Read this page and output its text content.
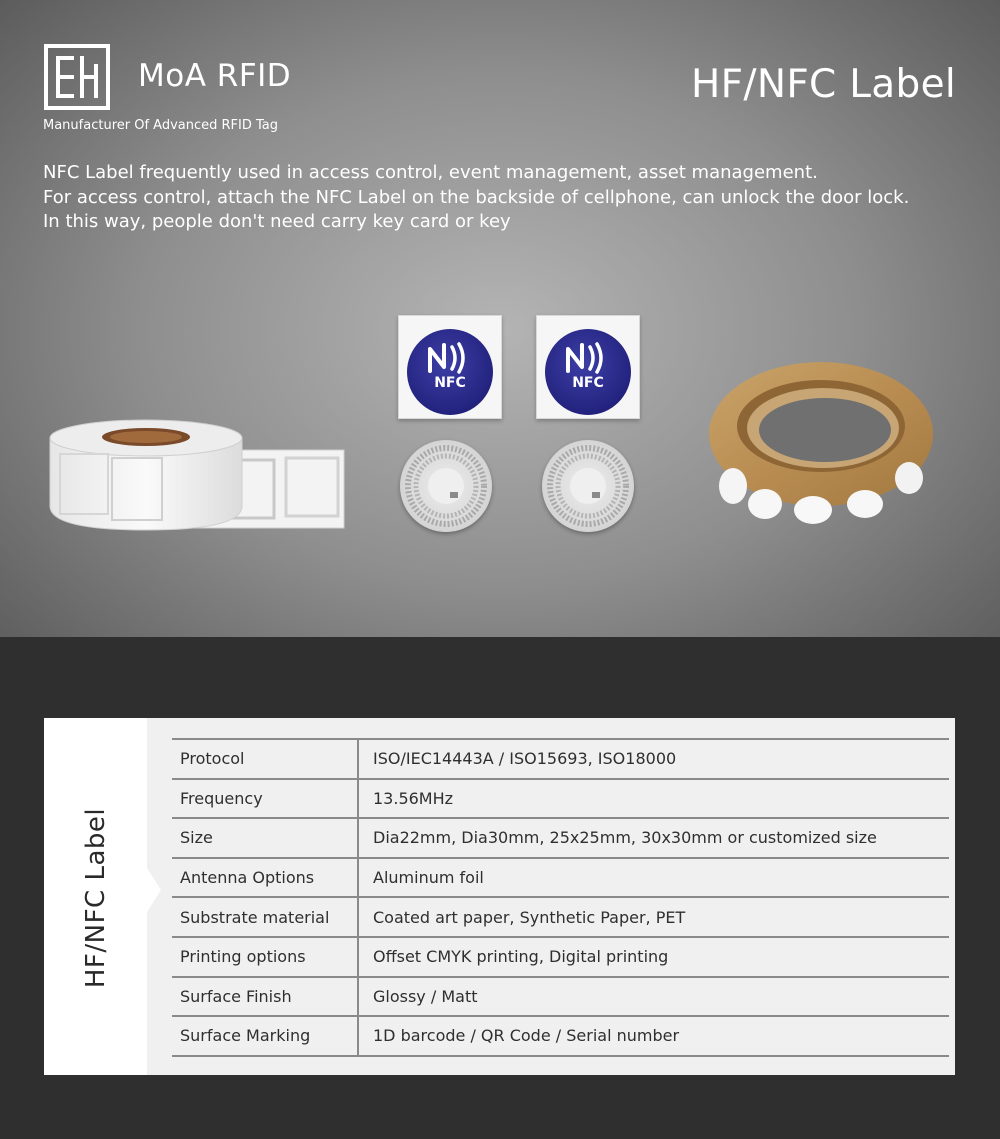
MoA RFID
Manufacturer Of Advanced RFID Tag
HF/NFC Label

NFC Label frequently used in access control, event management, asset management.

For access control, attach the NFC Label on the backside of cellphone, can unlock the door lock.

In this way, people don't need carry key card or key

NFC	NFC
HF/NFC Label
Protocol	ISO/IEC14443A / ISO15693, ISO18000
Frequency	13.56MHz
Size	Dia22mm, Dia30mm, 25x25mm, 30x30mm or customized size
Antenna Options	Aluminum foil
Substrate material	Coated art paper, Synthetic Paper, PET
Printing options	Offset CMYK printing, Digital printing
Surface Finish	Glossy / Matt
Surface Marking	1D barcode / QR Code / Serial number
